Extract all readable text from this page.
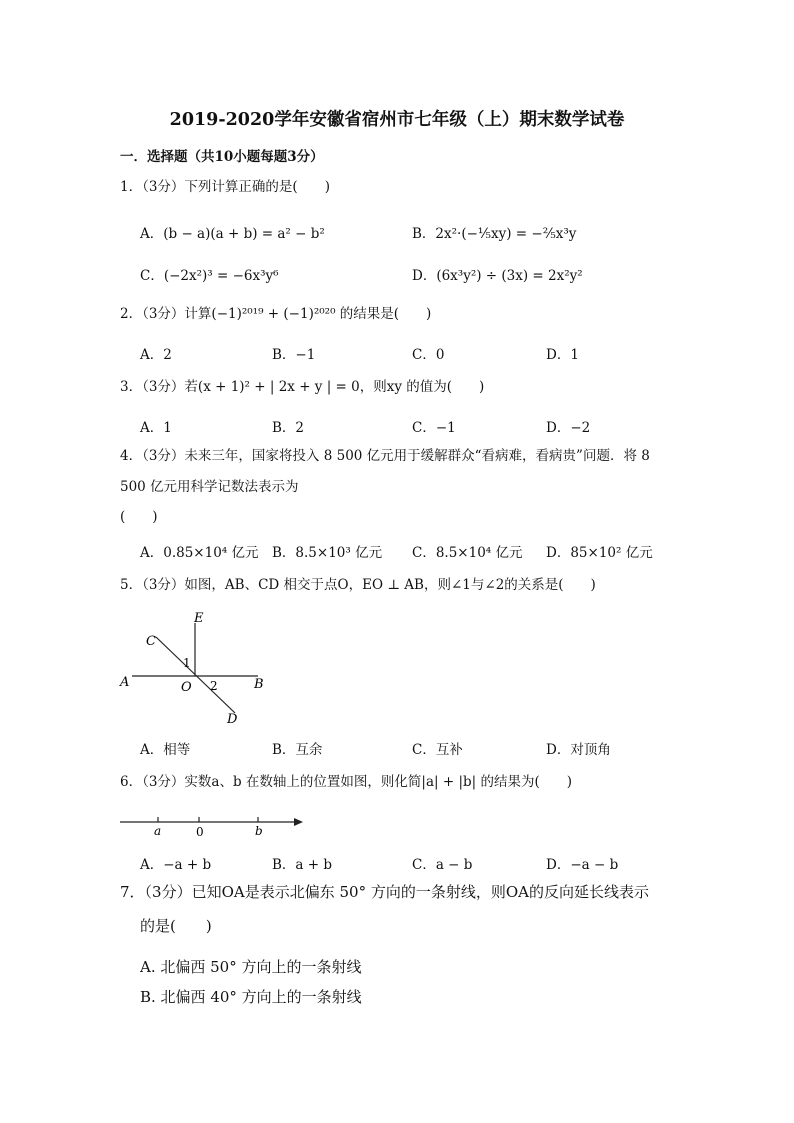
2019-2020学年安徽省宿州市七年级（上）期末数学试卷
一．选择题（共10小题每题3分）
1．（3分）下列计算正确的是(　　)
A．(b − a)(a + b) = a² − b²	B．2x²·(−⅕xy) = −⅖x³y
C．(−2x²)³ = −6x³y⁶	D．(6x³y²) ÷ (3x) = 2x²y²
2．（3分）计算(−1)²⁰¹⁹ + (−1)²⁰²⁰ 的结果是(　　)
A．2	B．−1	C．0	D．1
3．（3分）若(x + 1)² + | 2x + y | = 0，则xy 的值为(　　)
A．1	B．2	C．−1	D．−2
4．（3分）未来三年，国家将投入 8 500 亿元用于缓解群众“看病难，看病贵”问题．将 8
500 亿元用科学记数法表示为
(　　)
A．0.85×10⁴ 亿元 B．8.5×10³ 亿元 C．8.5×10⁴ 亿元 D．85×10² 亿元
5．（3分）如图，AB、CD 相交于点O，EO ⊥ AB，则∠1与∠2的关系是(　　)
C
E
1
A	O 2	B
D
A．相等	B．互余	C．互补	D．对顶角
6．（3分）实数a、b 在数轴上的位置如图，则化简|a| + |b| 的结果为(　　)
a	0	b
A．−a + b	B．a + b	C．a − b	D．−a − b
7．（3分）已知OA是表示北偏东 50° 方向的一条射线，则OA的反向延长线表示
的是(　　)
A. 北偏西 50° 方向上的一条射线
B. 北偏西 40° 方向上的一条射线
